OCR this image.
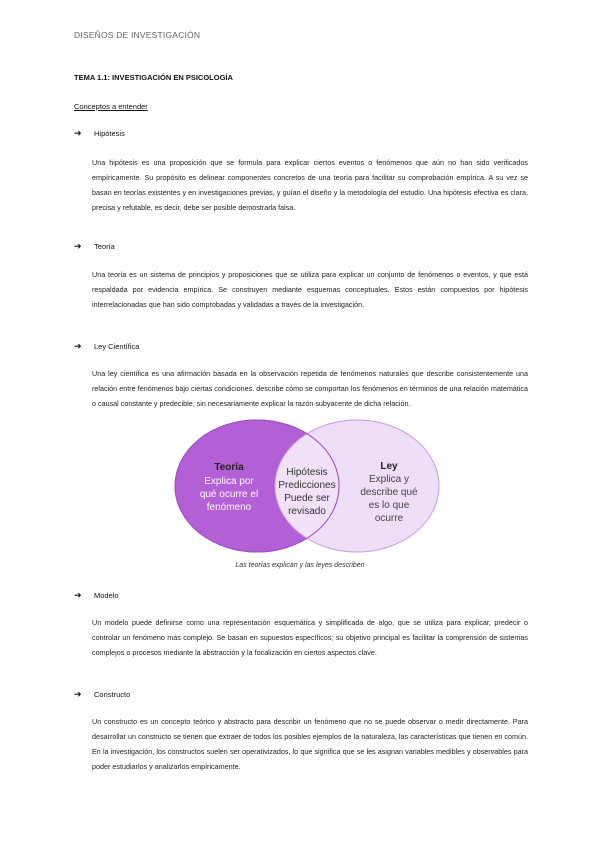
DISEÑOS DE INVESTIGACIÓN
TEMA 1.1: INVESTIGACIÓN EN PSICOLOGÍA
Conceptos a entender
➔	Hipótesis

Una hipótesis es una proposición que se formula para explicar ciertos eventos o fenómenos que aún no han sido verificados empíricamente. Su propósito es delinear componentes concretos de una teoría para facilitar su comprobación empírica. A su vez se basan en teorías existentes y en investigaciones previas, y guían el diseño y la metodología del estudio. Una hipótesis efectiva es clara, precisa y refutable, es decir, debe ser posible demostrarla falsa.

➔	Teoría

Una teoría es un sistema de principios y proposiciones que se utiliza para explicar un conjunto de fenómenos o eventos, y que está respaldada por evidencia empírica. Se construyen mediante esquemas conceptuales. Estos están compuestos por hipótesis interrelacionadas que han sido comprobadas y validadas a través de la investigación.

➔	Ley Científica

Una ley científica es una afirmación basada en la observación repetida de fenómenos naturales que describe consistentemente una relación entre fenómenos bajo ciertas condiciones. describe cómo se comportan los fenómenos en términos de una relación matemática o causal constante y predecible, sin necesariamente explicar la razón subyacente de dicha relación.

Teoría
Explica por
qué ocurre el
fenómeno
Hipótesis
Predicciones
Puede ser
revisado
Ley
Explica y
describe qué
es lo que
ocurre
Las teorías explican y las leyes describen
➔	Modelo

Un modelo puede definirse como una representación esquemática y simplificada de algo, que se utiliza para explicar, predecir o controlar un fenómeno más complejo. Se basan en supuestos específicos; su objetivo principal es facilitar la comprensión de sistemas complejos o procesos mediante la abstracción y la focalización en ciertos aspectos clave.

➔	Constructo

Un constructo es un concepto teórico y abstracto para describir un fenómeno que no se puede observar o medir directamente. Para desarrollar un constructo se tienen que extraer de todos los posibles ejemplos de la naturaleza, las características que tienen en común. En la investigación, los constructos suelen ser operativizados, lo que significa que se les asignan variables medibles y observables para poder estudiarlos y analizarlos empíricamente.
